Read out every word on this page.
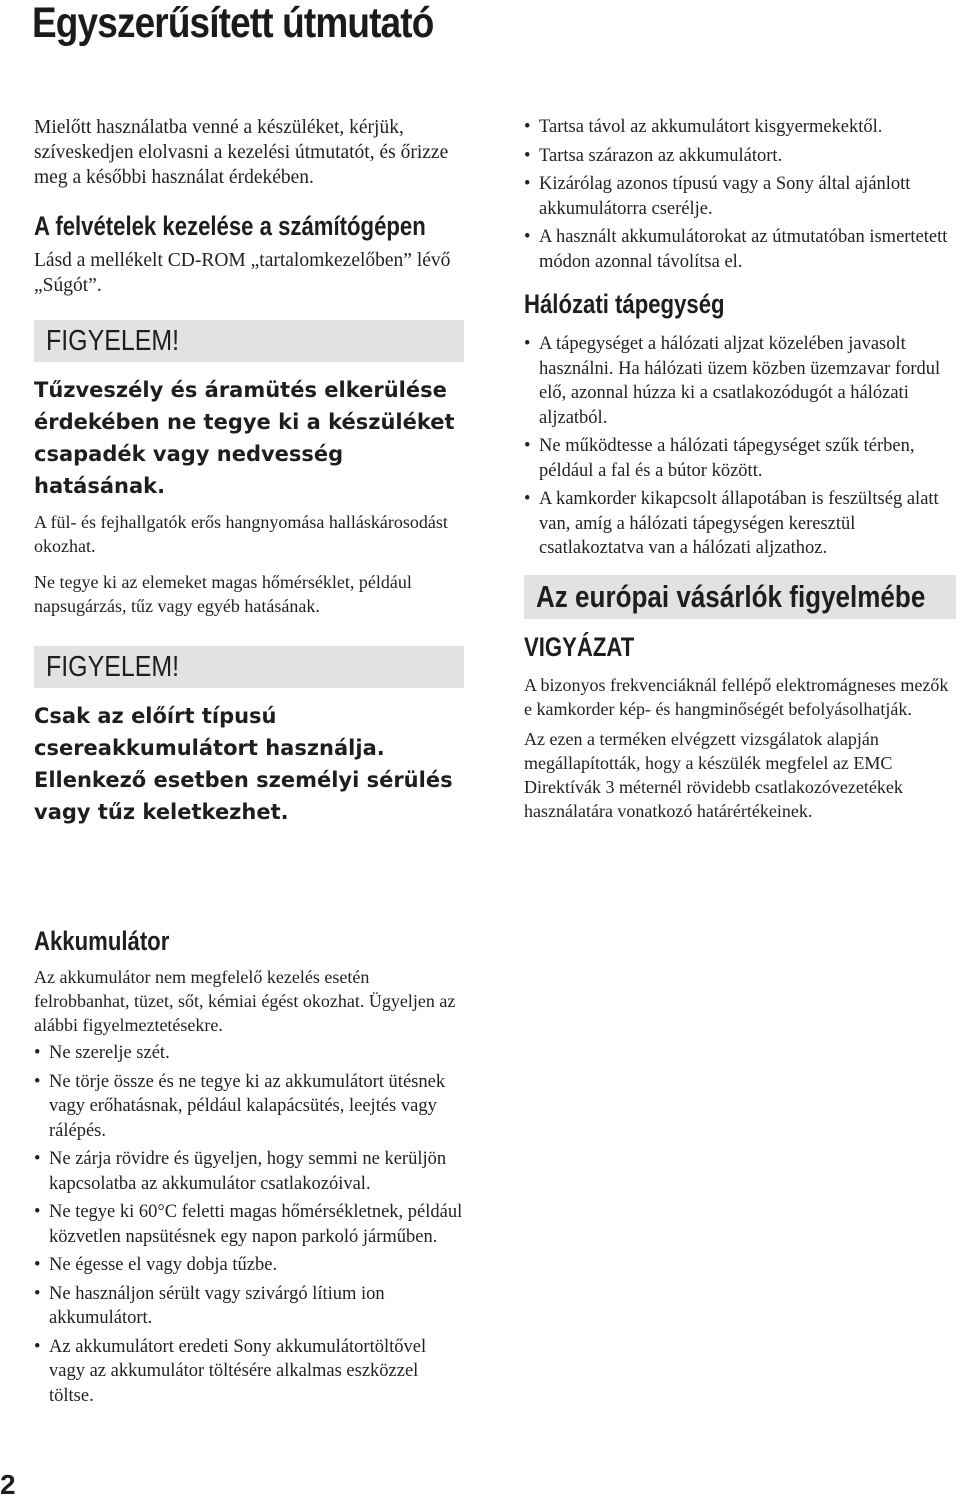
Egyszerűsített útmutató

Mielőtt használatba venné a készüléket, kérjük, szíveskedjen elolvasni a kezelési útmutatót, és őrizze meg a későbbi használat érdekében.

A felvételek kezelése a számítógépen

Lásd a mellékelt CD-ROM „tartalomkezelőben” lévő „Súgót”.

FIGYELEM!
Tűzveszély és áramütés elkerülése érdekében ne tegye ki a készüléket csapadék vagy nedvesség hatásának.

A fül- és fejhallgatók erős hangnyomása halláskárosodást okozhat.

Ne tegye ki az elemeket magas hőmérséklet, például napsugárzás, tűz vagy egyéb hatásának.

FIGYELEM!
Csak az előírt típusú csereakkumulátort használja. Ellenkező esetben személyi sérülés vagy tűz keletkezhet.
Akkumulátor

Az akkumulátor nem megfelelő kezelés esetén felrobbanhat, tüzet, sőt, kémiai égést okozhat. Ügyeljen az alábbi figyelmeztetésekre.

• Ne szerelje szét.
• Ne törje össze és ne tegye ki az akkumulátort ütésnek vagy erőhatásnak, például kalapácsütés, leejtés vagy rálépés.
• Ne zárja rövidre és ügyeljen, hogy semmi ne kerüljön kapcsolatba az akkumulátor csatlakozóival.
• Ne tegye ki 60°C feletti magas hőmérsékletnek, például közvetlen napsütésnek egy napon parkoló járműben.
• Ne égesse el vagy dobja tűzbe.
• Ne használjon sérült vagy szivárgó lítium ion akkumulátort.
• Az akkumulátort eredeti Sony akkumulátortöltővel vagy az akkumulátor töltésére alkalmas eszközzel töltse.
• Tartsa távol az akkumulátort kisgyermekektől.
• Tartsa szárazon az akkumulátort.
• Kizárólag azonos típusú vagy a Sony által ajánlott akkumulátorra cserélje.
• A használt akkumulátorokat az útmutatóban ismertetett módon azonnal távolítsa el.
Hálózati tápegység
• A tápegységet a hálózati aljzat közelében javasolt használni. Ha hálózati üzem közben üzemzavar fordul elő, azonnal húzza ki a csatlakozódugót a hálózati aljzatból.
• Ne működtesse a hálózati tápegységet szűk térben, például a fal és a bútor között.
• A kamkorder kikapcsolt állapotában is feszültség alatt van, amíg a hálózati tápegységen keresztül csatlakoztatva van a hálózati aljzathoz.
Az európai vásárlók figyelmébe
VIGYÁZAT

A bizonyos frekvenciáknál fellépő elektromágneses mezők e kamkorder kép- és hangminőségét befolyásolhatják.

Az ezen a terméken elvégzett vizsgálatok alapján megállapították, hogy a készülék megfelel az EMC Direktívák 3 méternél rövidebb csatlakozóvezetékek használatára vonatkozó határértékeinek.

2
